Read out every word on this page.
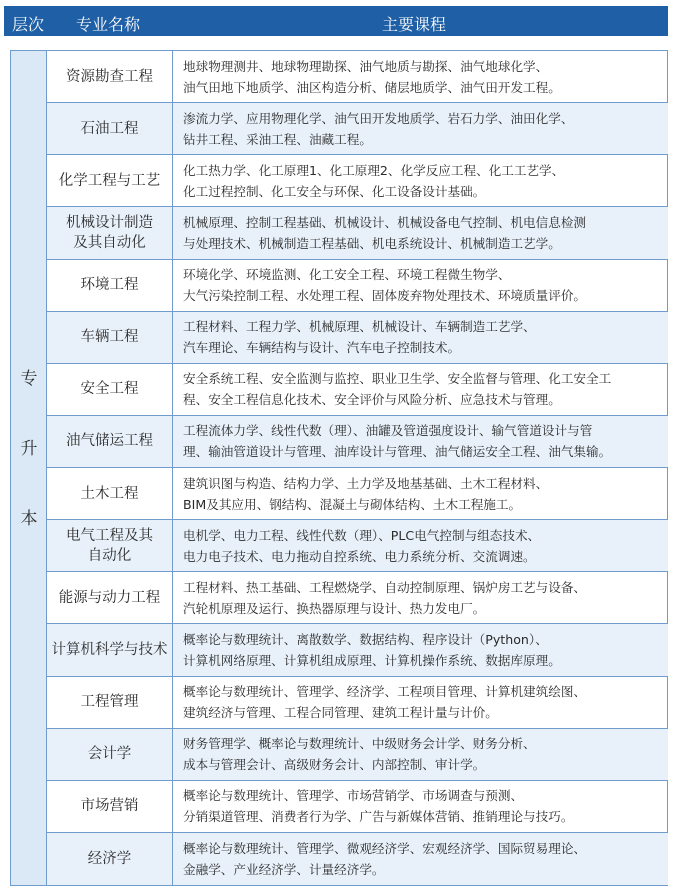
层次 专业名称	主要课程
专
升
本
资源勘查工程
地球物理测井、地球物理勘探、油气地质与勘探、油气地球化学、
油气田地下地质学、油区构造分析、储层地质学、油气田开发工程。
石油工程
渗流力学、应用物理化学、油气田开发地质学、岩石力学、油田化学、
钻井工程、采油工程、油藏工程。
化学工程与工艺
化工热力学、化工原理1、化工原理2、化学反应工程、化工工艺学、
化工过程控制、化工安全与环保、化工设备设计基础。
机械设计制造
及其自动化
机械原理、控制工程基础、机械设计、机械设备电气控制、机电信息检测
与处理技术、机械制造工程基础、机电系统设计、机械制造工艺学。
环境工程
环境化学、环境监测、化工安全工程、环境工程微生物学、
大气污染控制工程、水处理工程、固体废弃物处理技术、环境质量评价。
车辆工程
工程材料、工程力学、机械原理、机械设计、车辆制造工艺学、
汽车理论、车辆结构与设计、汽车电子控制技术。
安全工程
安全系统工程、安全监测与监控、职业卫生学、安全监督与管理、化工安全工
程、安全工程信息化技术、安全评价与风险分析、应急技术与管理。
油气储运工程
工程流体力学、线性代数（理）、油罐及管道强度设计、输气管道设计与管
理、输油管道设计与管理、油库设计与管理、油气储运安全工程、油气集输。
土木工程
建筑识图与构造、结构力学、土力学及地基基础、土木工程材料、
BIM及其应用、钢结构、混凝土与砌体结构、土木工程施工。
电气工程及其
自动化
电机学、电力工程、线性代数（理）、PLC电气控制与组态技术、
电力电子技术、电力拖动自控系统、电力系统分析、交流调速。
能源与动力工程
工程材料、热工基础、工程燃烧学、自动控制原理、锅炉房工艺与设备、
汽轮机原理及运行、换热器原理与设计、热力发电厂。
计算机科学与技术
概率论与数理统计、离散数学、数据结构、程序设计（Python）、
计算机网络原理、计算机组成原理、计算机操作系统、数据库原理。
工程管理
概率论与数理统计、管理学、经济学、工程项目管理、计算机建筑绘图、
建筑经济与管理、工程合同管理、建筑工程计量与计价。
会计学
财务管理学、概率论与数理统计、中级财务会计学、财务分析、
成本与管理会计、高级财务会计、内部控制、审计学。
市场营销
概率论与数理统计、管理学、市场营销学、市场调查与预测、
分销渠道管理、消费者行为学、广告与新媒体营销、推销理论与技巧。
经济学
概率论与数理统计、管理学、微观经济学、宏观经济学、国际贸易理论、
金融学、产业经济学、计量经济学。
